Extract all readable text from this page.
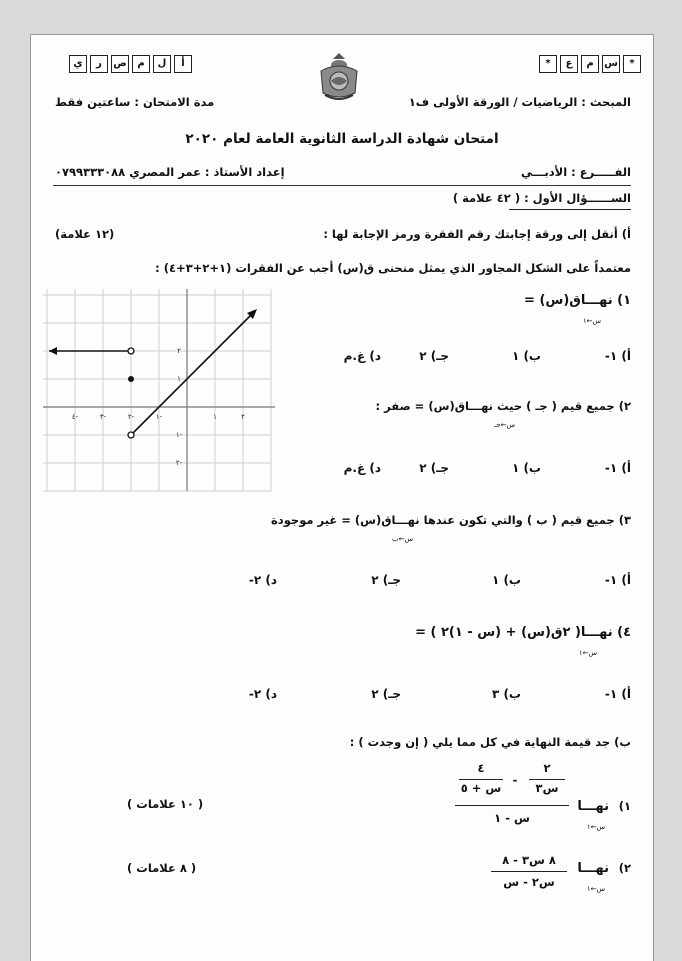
*	ع	م	س	*
ي	ر	ص	م	ل	أ
المبحث : الرياضيات / الورقة الأولى ف١
مدة الامتحان : ساعتين فقط
امتحان شهادة الدراسة الثانوية العامة لعام ٢٠٢٠
الفـــــرع : الأدبـــي
إعداد الأستاذ : عمر المصري ٠٧٩٩٣٣٣٠٨٨
الســــــؤال الأول : ( ٤٢ علامة )
أ) أنقل إلى ورقة إجابتك رقم الفقرة ورمز الإجابة لها :
(١٢ علامة)
معتمداً على الشكل المجاور الذي يمثل منحنى ق(س) أجب عن الفقرات (١+٢+٣+٤) :
٤-	٣-	٢-	١-	١	٢
٢
١
١-
٢-
١) نهـــاق(س) =
س←١
أ) ١-
ب) ١
جـ) ٢
د) غ.م
٢) جميع قيم ( جـ ) حيث نهـــاق(س) = صفر :
س←جـ
أ) ١-
ب) ١
جـ) ٢
د) غ.م
٣) جميع قيم ( ب ) والتي تكون عندها نهـــاق(س) = غير موجودة
س←ب
أ) ١-
ب) ١
جـ) ٢
د) ٢-
٤) نهـــا( ٢ق(س) + (س - ١)٢ ) =
س←١
أ) ١-
ب) ٣
جـ) ٢
د) ٢-
ب) جد قيمة النهاية في كل مما يلي ( إن وجدت ) :
١)
نهـــا
س←١
٢
س٣
-
٤
س + ٥
س - ١
( ١٠ علامات )
٢)
نهـــا
س←١
٨ س٣ - ٨
س٢ - س
( ٨ علامات )
